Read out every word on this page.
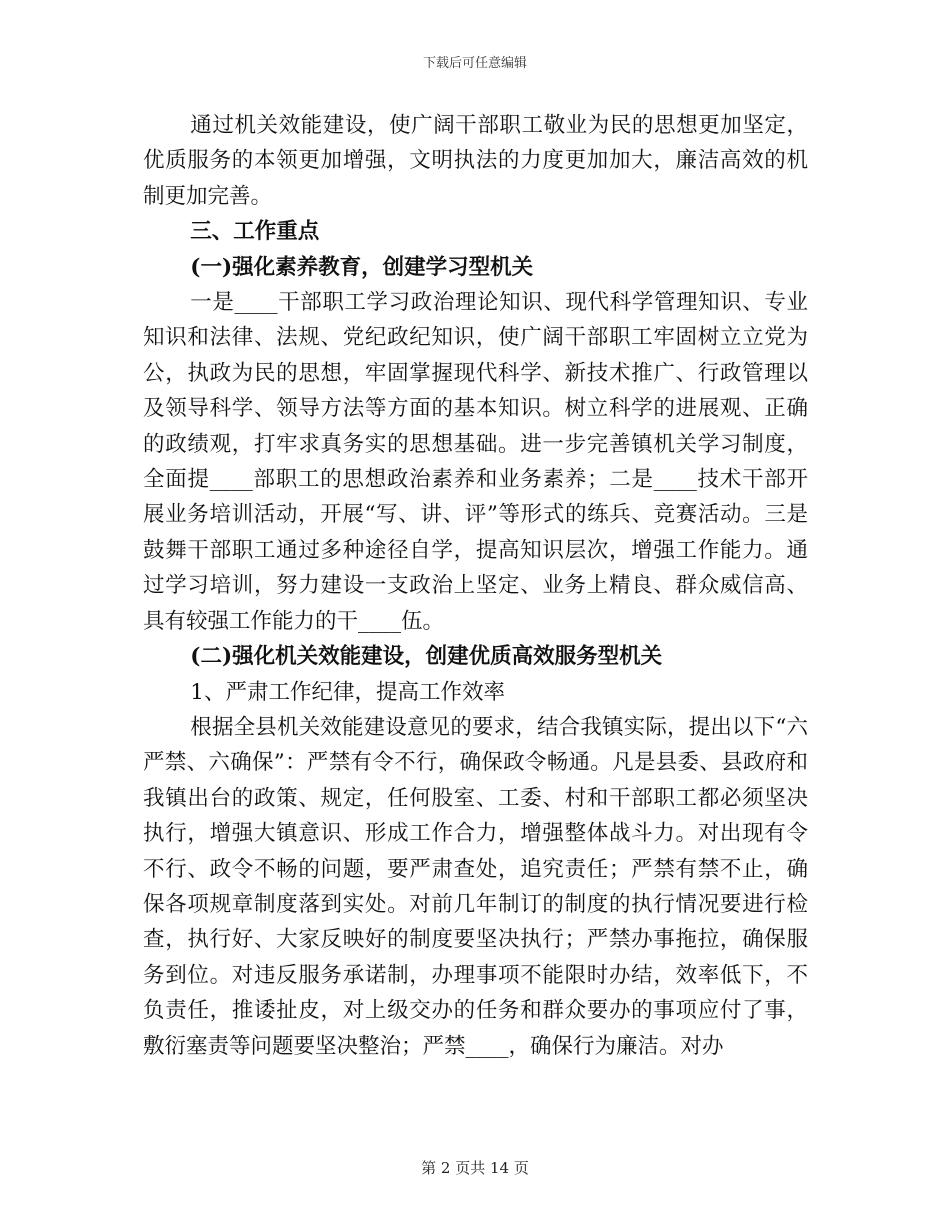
下载后可任意编辑

通过机关效能建设，使广阔干部职工敬业为民的思想更加坚定，优质服务的本领更加增强，文明执法的力度更加加大，廉洁高效的机制更加完善。

三、工作重点

(一)强化素养教育，创建学习型机关

一是____干部职工学习政治理论知识、现代科学管理知识、专业知识和法律、法规、党纪政纪知识，使广阔干部职工牢固树立立党为公，执政为民的思想，牢固掌握现代科学、新技术推广、行政管理以及领导科学、领导方法等方面的基本知识。树立科学的进展观、正确的政绩观，打牢求真务实的思想基础。进一步完善镇机关学习制度，全面提____部职工的思想政治素养和业务素养；二是____技术干部开展业务培训活动，开展“写、讲、评”等形式的练兵、竞赛活动。三是鼓舞干部职工通过多种途径自学，提高知识层次，增强工作能力。通过学习培训，努力建设一支政治上坚定、业务上精良、群众威信高、具有较强工作能力的干____伍。

(二)强化机关效能建设，创建优质高效服务型机关

1、严肃工作纪律，提高工作效率

根据全县机关效能建设意见的要求，结合我镇实际，提出以下“六严禁、六确保”：严禁有令不行，确保政令畅通。凡是县委、县政府和我镇出台的政策、规定，任何股室、工委、村和干部职工都必须坚决执行，增强大镇意识、形成工作合力，增强整体战斗力。对出现有令不行、政令不畅的问题，要严肃查处，追究责任；严禁有禁不止，确保各项规章制度落到实处。对前几年制订的制度的执行情况要进行检查，执行好、大家反映好的制度要坚决执行；严禁办事拖拉，确保服务到位。对违反服务承诺制，办理事项不能限时办结，效率低下，不负责任，推诿扯皮，对上级交办的任务和群众要办的事项应付了事，敷衍塞责等问题要坚决整治；严禁____，确保行为廉洁。对办

第 2 页共 14 页
